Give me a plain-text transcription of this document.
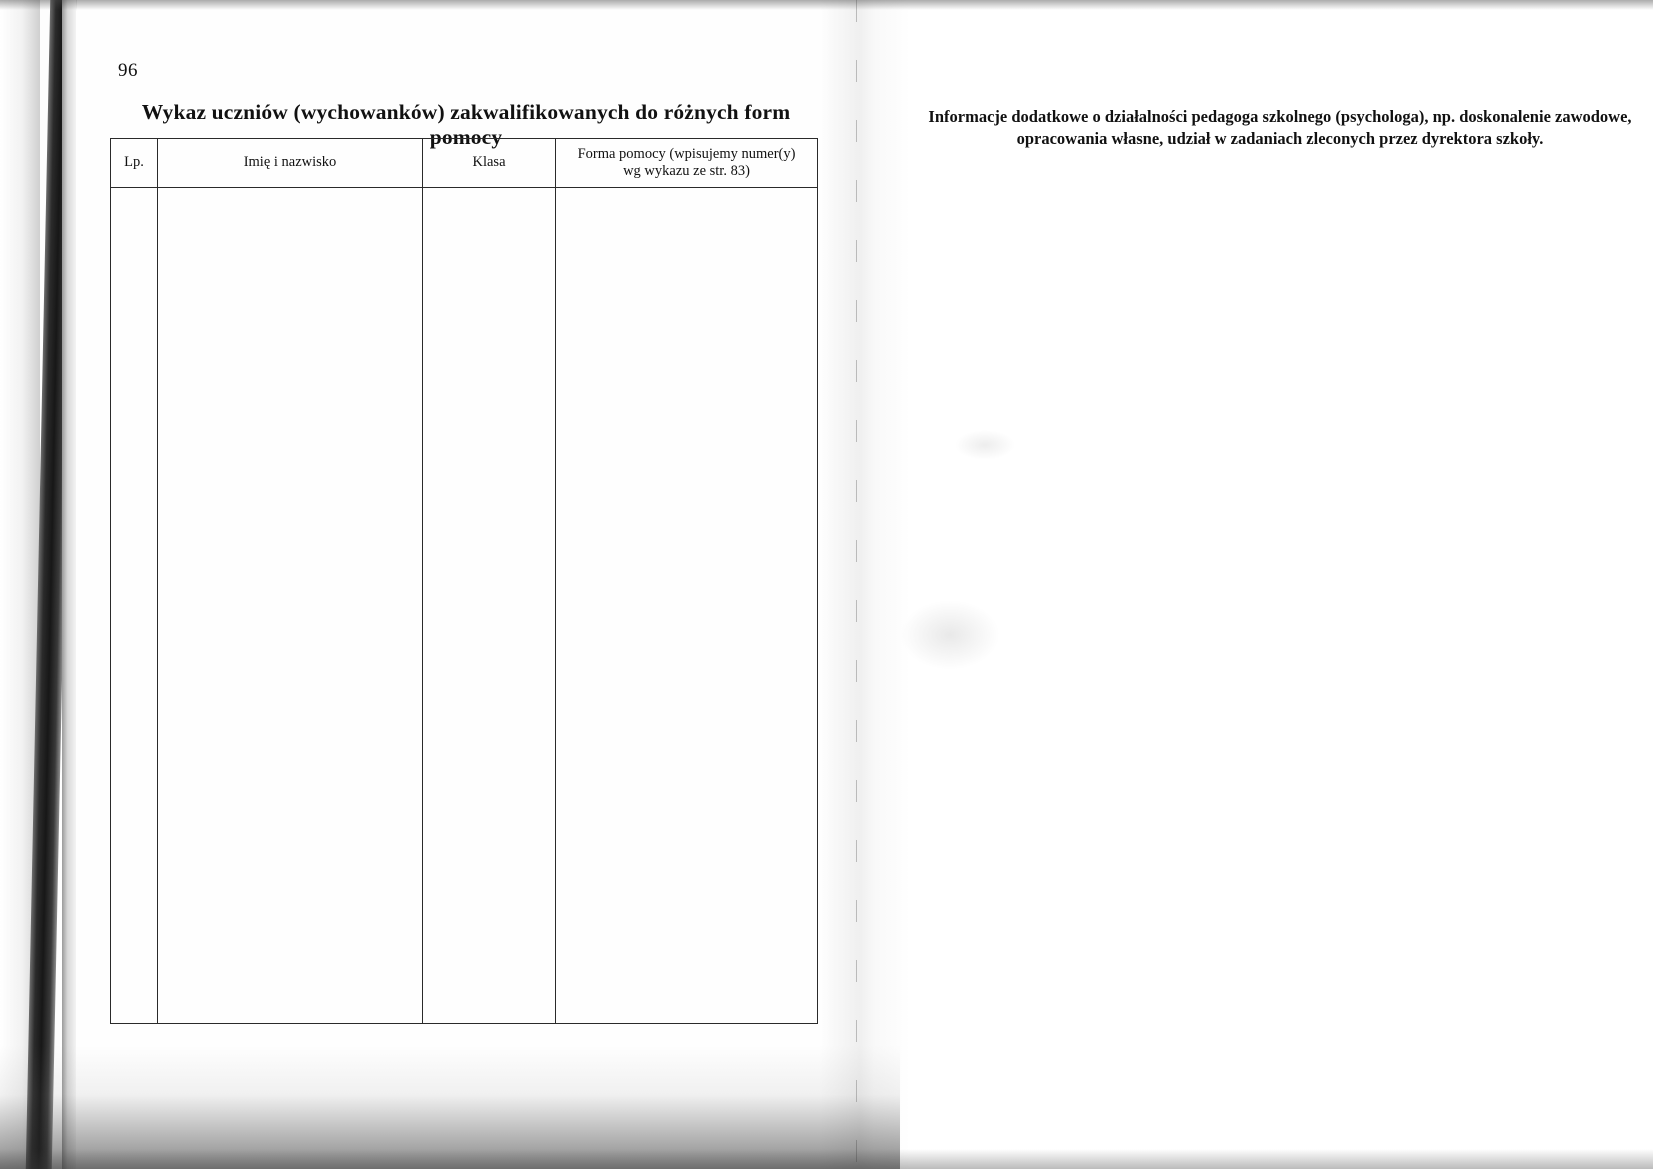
96
Wykaz uczniów (wychowanków) zakwalifikowanych do różnych form pomocy
Lp.	Imię i nazwisko	Klasa	Forma pomocy (wpisujemy numer(y)
wg wykazu ze str. 83)

Informacje dodatkowe o działalności pedagoga szkolnego (psychologa), np. doskonalenie zawodowe,
opracowania własne, udział w zadaniach zleconych przez dyrektora szkoły.
